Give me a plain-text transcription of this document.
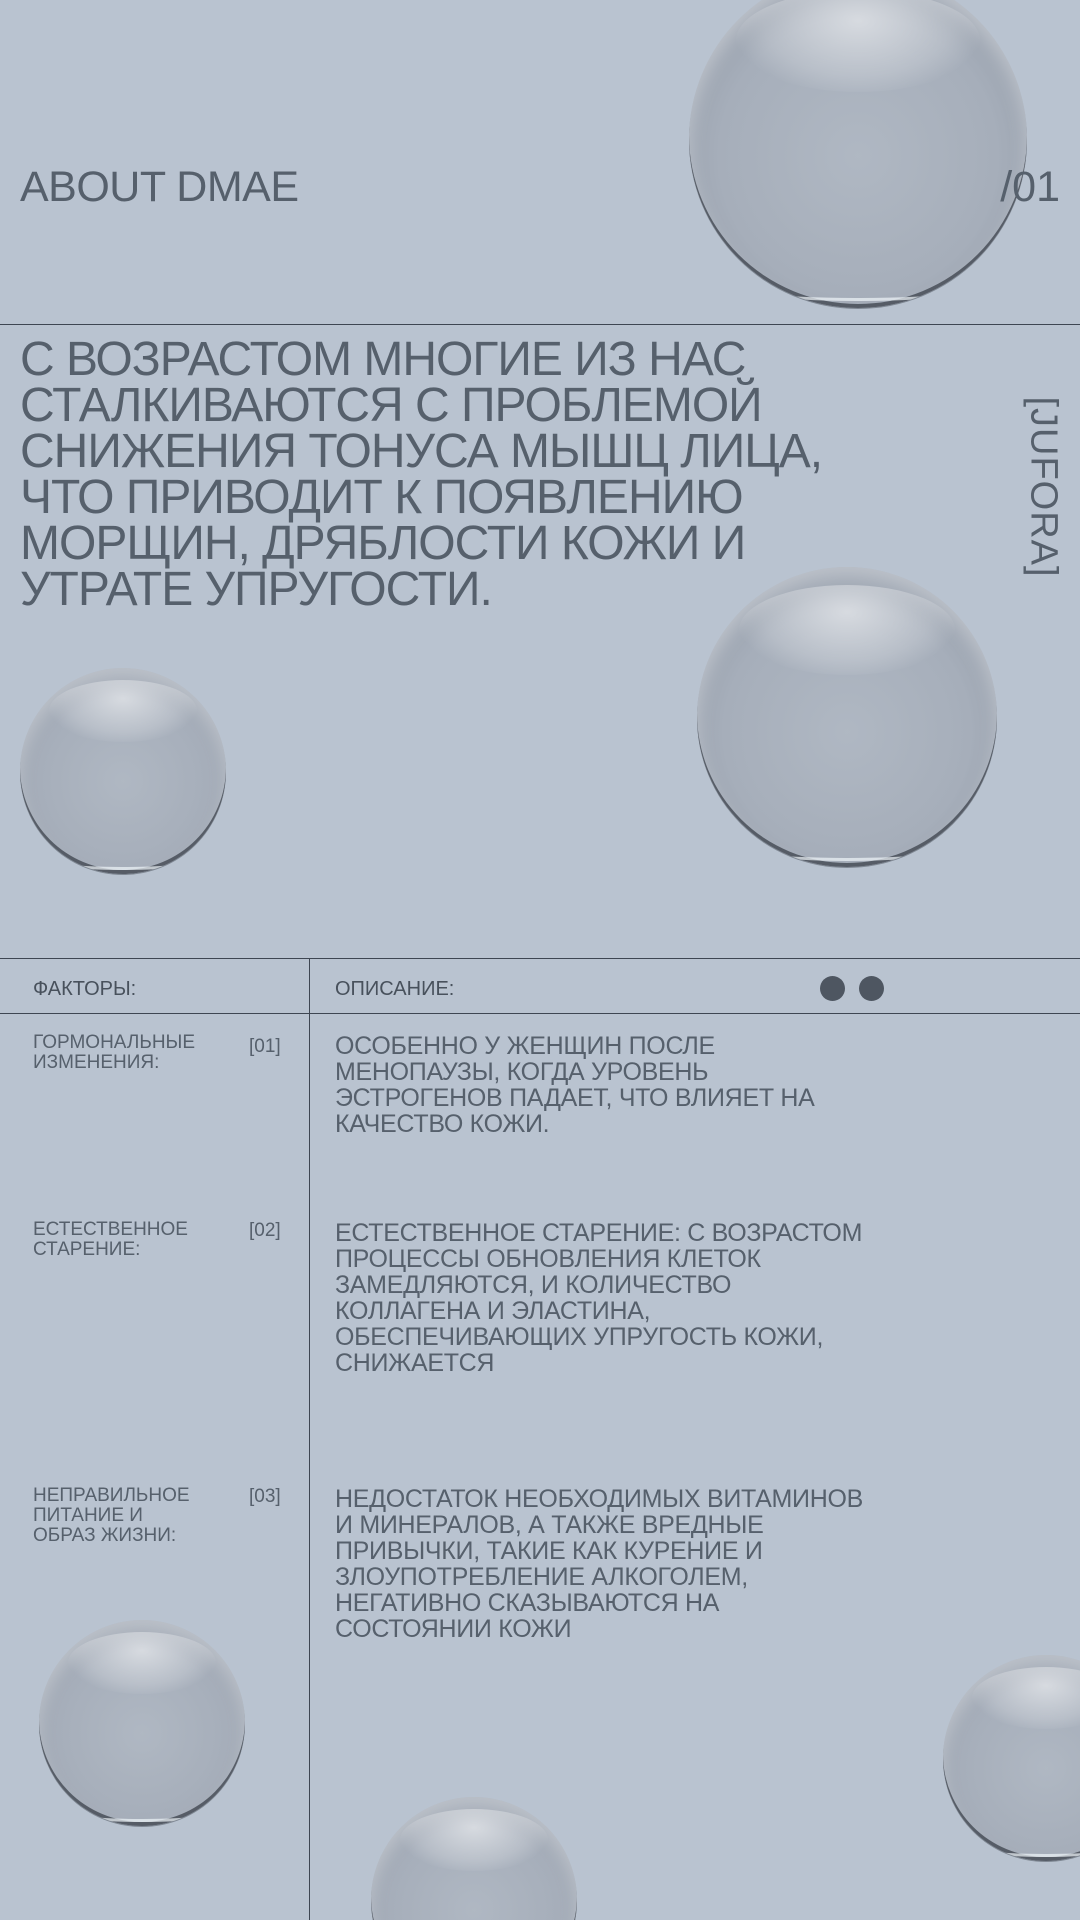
ABOUT DMAE	/01
С ВОЗРАСТОМ МНОГИЕ ИЗ НАС СТАЛКИВАЮТСЯ С ПРОБЛЕМОЙ СНИЖЕНИЯ ТОНУСА МЫШЦ ЛИЦА, ЧТО ПРИВОДИТ К ПОЯВЛЕНИЮ МОРЩИН, ДРЯБЛОСТИ КОЖИ И УТРАТЕ УПРУГОСТИ.
[JUFORA]
ФАКТОРЫ:	ОПИСАНИЕ:
ГОРМОНАЛЬНЫЕ ИЗМЕНЕНИЯ:
[01] ОСОБЕННО У ЖЕНЩИН ПОСЛЕ МЕНОПАУЗЫ, КОГДА УРОВЕНЬ ЭСТРОГЕНОВ ПАДАЕТ, ЧТО ВЛИЯЕТ НА КАЧЕСТВО КОЖИ.
ЕСТЕСТВЕННОЕ СТАРЕНИЕ:
[02] ЕСТЕСТВЕННОЕ СТАРЕНИЕ: С ВОЗРАСТОМ ПРОЦЕССЫ ОБНОВЛЕНИЯ КЛЕТОК ЗАМЕДЛЯЮТСЯ, И КОЛИЧЕСТВО КОЛЛАГЕНА И ЭЛАСТИНА, ОБЕСПЕЧИВАЮЩИХ УПРУГОСТЬ КОЖИ, СНИЖАЕТСЯ
НЕПРАВИЛЬНОЕ ПИТАНИЕ И ОБРАЗ ЖИЗНИ:
[03] НЕДОСТАТОК НЕОБХОДИМЫХ ВИТАМИНОВ И МИНЕРАЛОВ, А ТАКЖЕ ВРЕДНЫЕ ПРИВЫЧКИ, ТАКИЕ КАК КУРЕНИЕ И ЗЛОУПОТРЕБЛЕНИЕ АЛКОГОЛЕМ, НЕГАТИВНО СКАЗЫВАЮТСЯ НА СОСТОЯНИИ КОЖИ
